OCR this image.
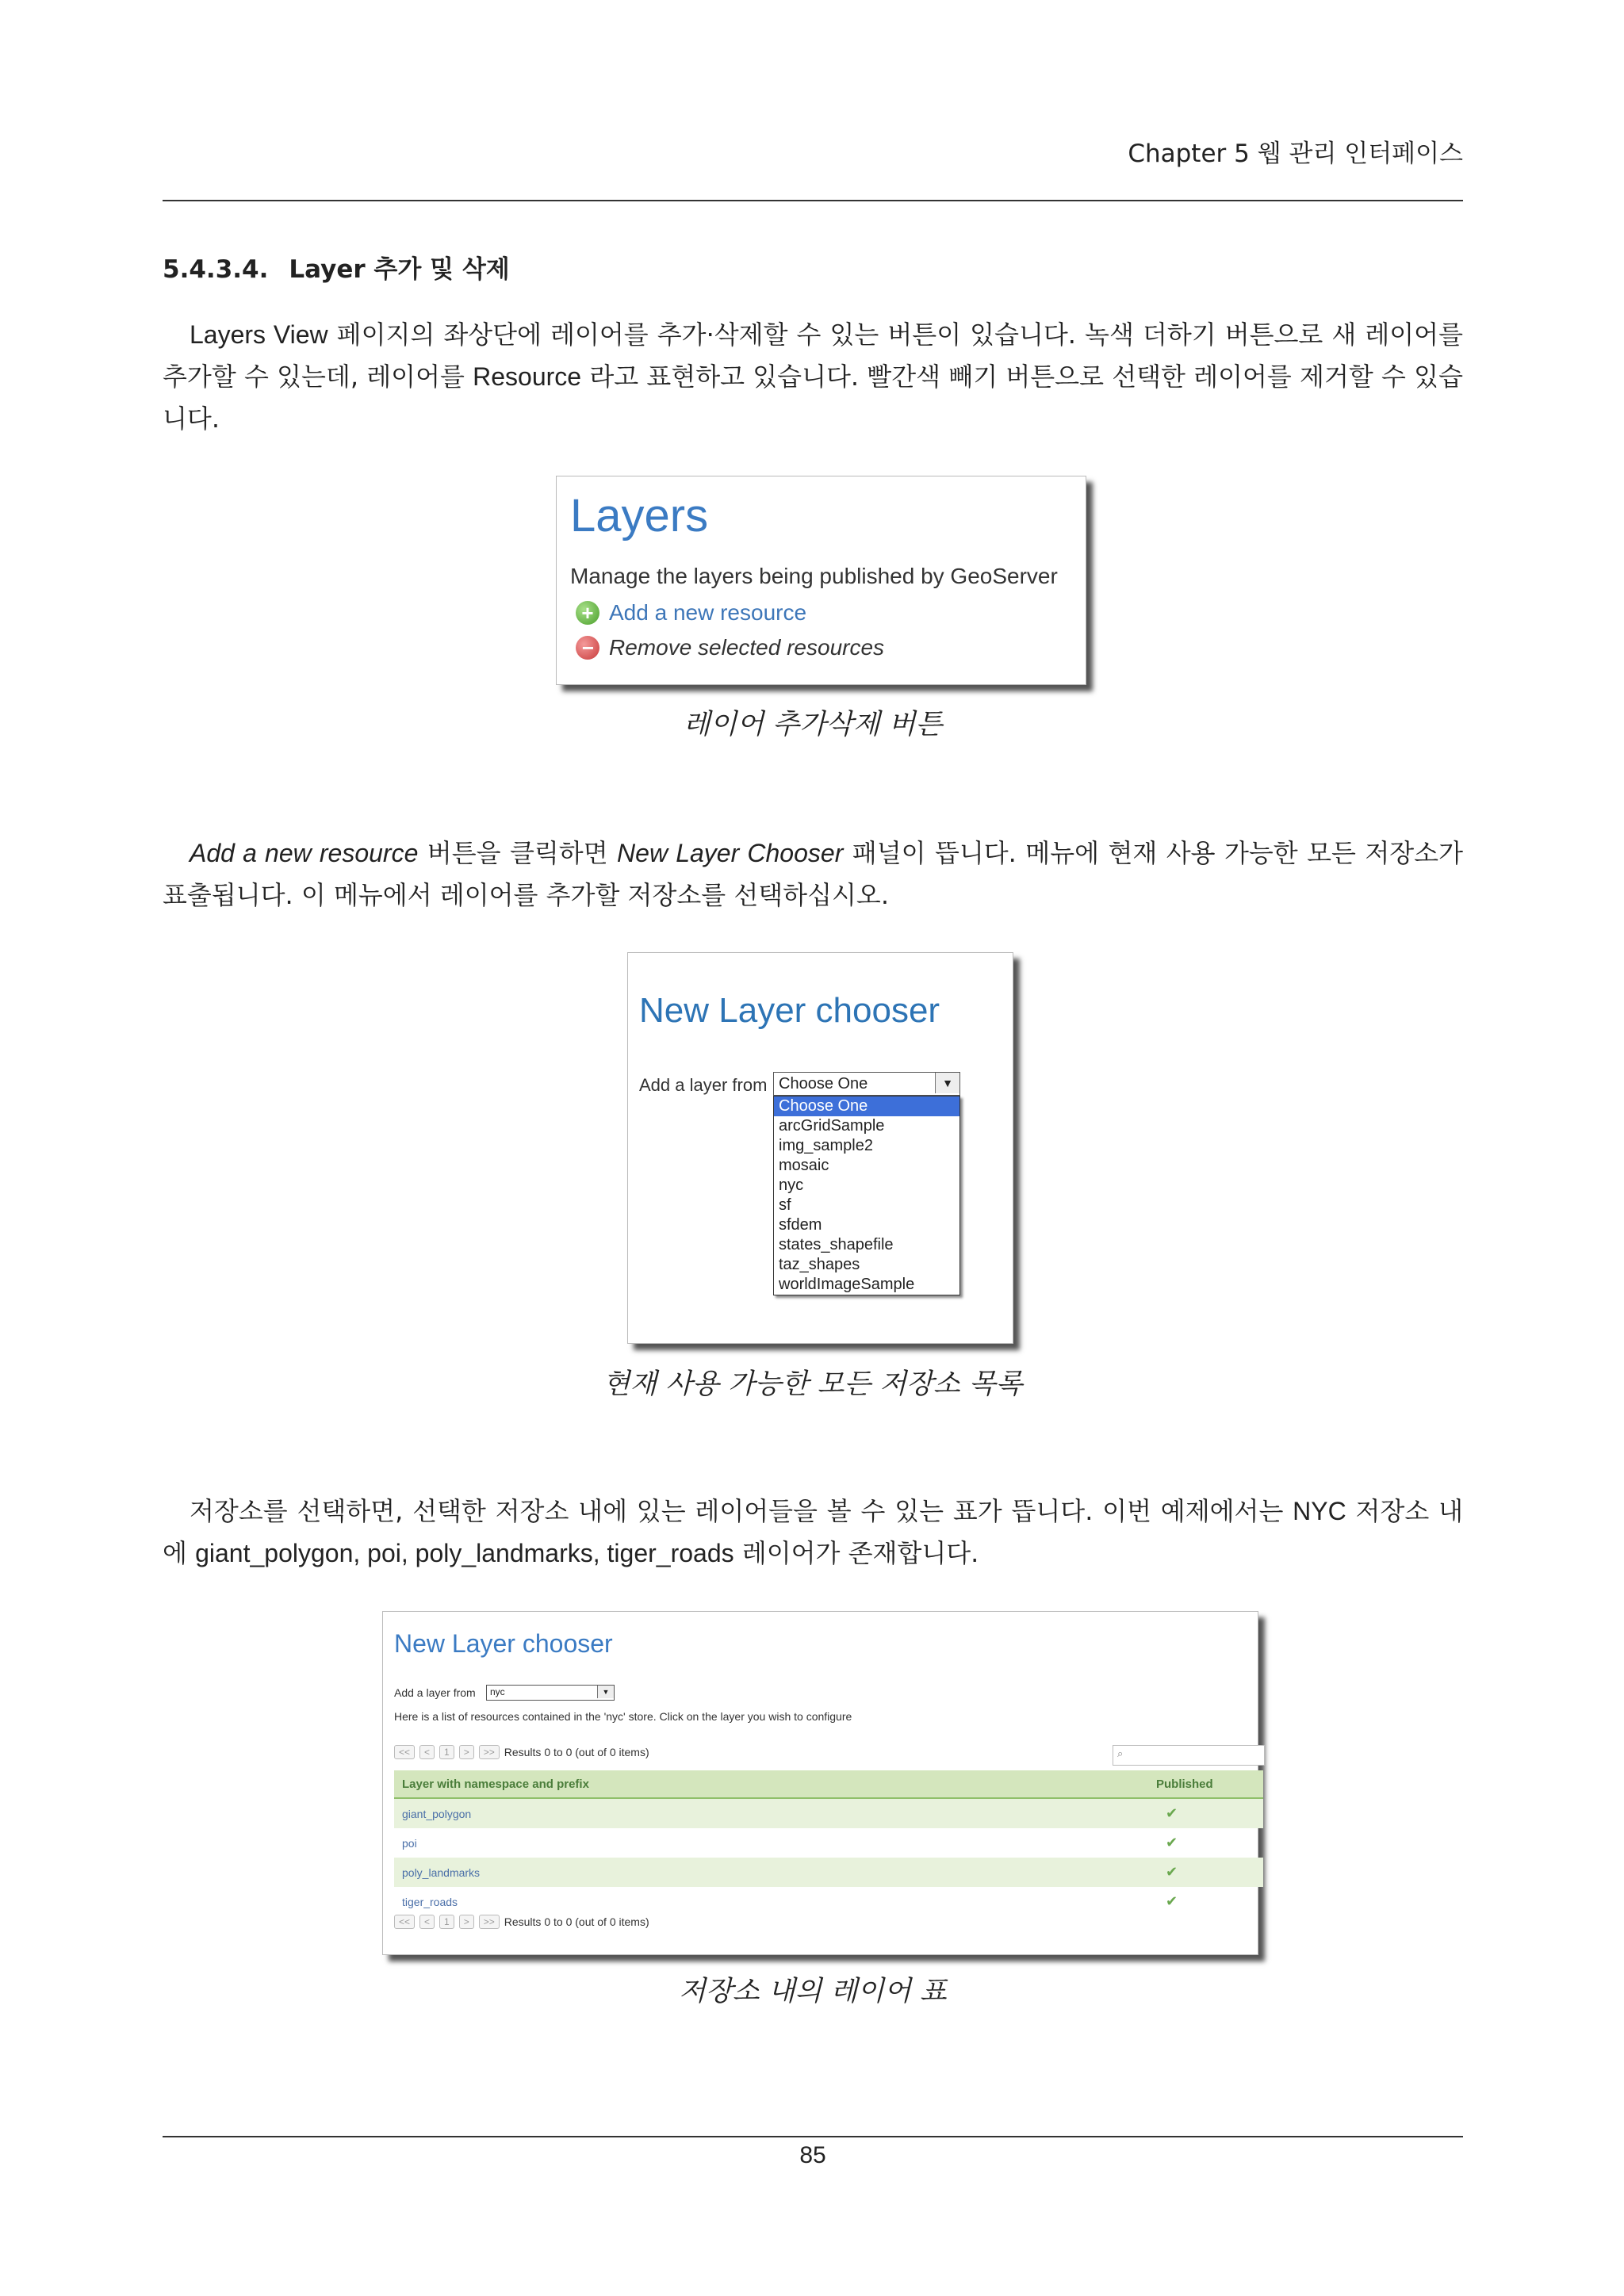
Chapter 5 웹 관리 인터페이스
5.4.3.4. Layer 추가 및 삭제
Layers View 페이지의 좌상단에 레이어를 추가·삭제할 수 있는 버튼이 있습니다. 녹색 더하기 버튼으로 새 레이어를 추가할 수 있는데, 레이어를 Resource 라고 표현하고 있습니다. 빨간색 빼기 버튼으로 선택한 레이어를 제거할 수 있습니다.
Layers
Manage the layers being published by GeoServer
+ Add a new resource
− Remove selected resources
레이어 추가삭제 버튼
Add a new resource 버튼을 클릭하면 New Layer Chooser 패널이 뜹니다. 메뉴에 현재 사용 가능한 모든 저장소가 표출됩니다. 이 메뉴에서 레이어를 추가할 저장소를 선택하십시오.
New Layer chooser
Add a layer from Choose One	▼
Choose One
arcGridSample
img_sample2
mosaic
nyc
sf
sfdem
states_shapefile
taz_shapes
worldImageSample
현재 사용 가능한 모든 저장소 목록
저장소를 선택하면, 선택한 저장소 내에 있는 레이어들을 볼 수 있는 표가 뜹니다. 이번 예제에서는 NYC 저장소 내에 giant_polygon, poi, poly_landmarks, tiger_roads 레이어가 존재합니다.
New Layer chooser
Add a layer from nyc	▼
Here is a list of resources contained in the 'nyc' store. Click on the layer you wish to configure
<<	<	1	>	>> Results 0 to 0 (out of 0 items)	⌕
Layer with namespace and prefix	Published
giant_polygon	✔
poi	✔
poly_landmarks	✔
tiger_roads	✔
<<	<	1	>	>> Results 0 to 0 (out of 0 items)
저장소 내의 레이어 표
85
